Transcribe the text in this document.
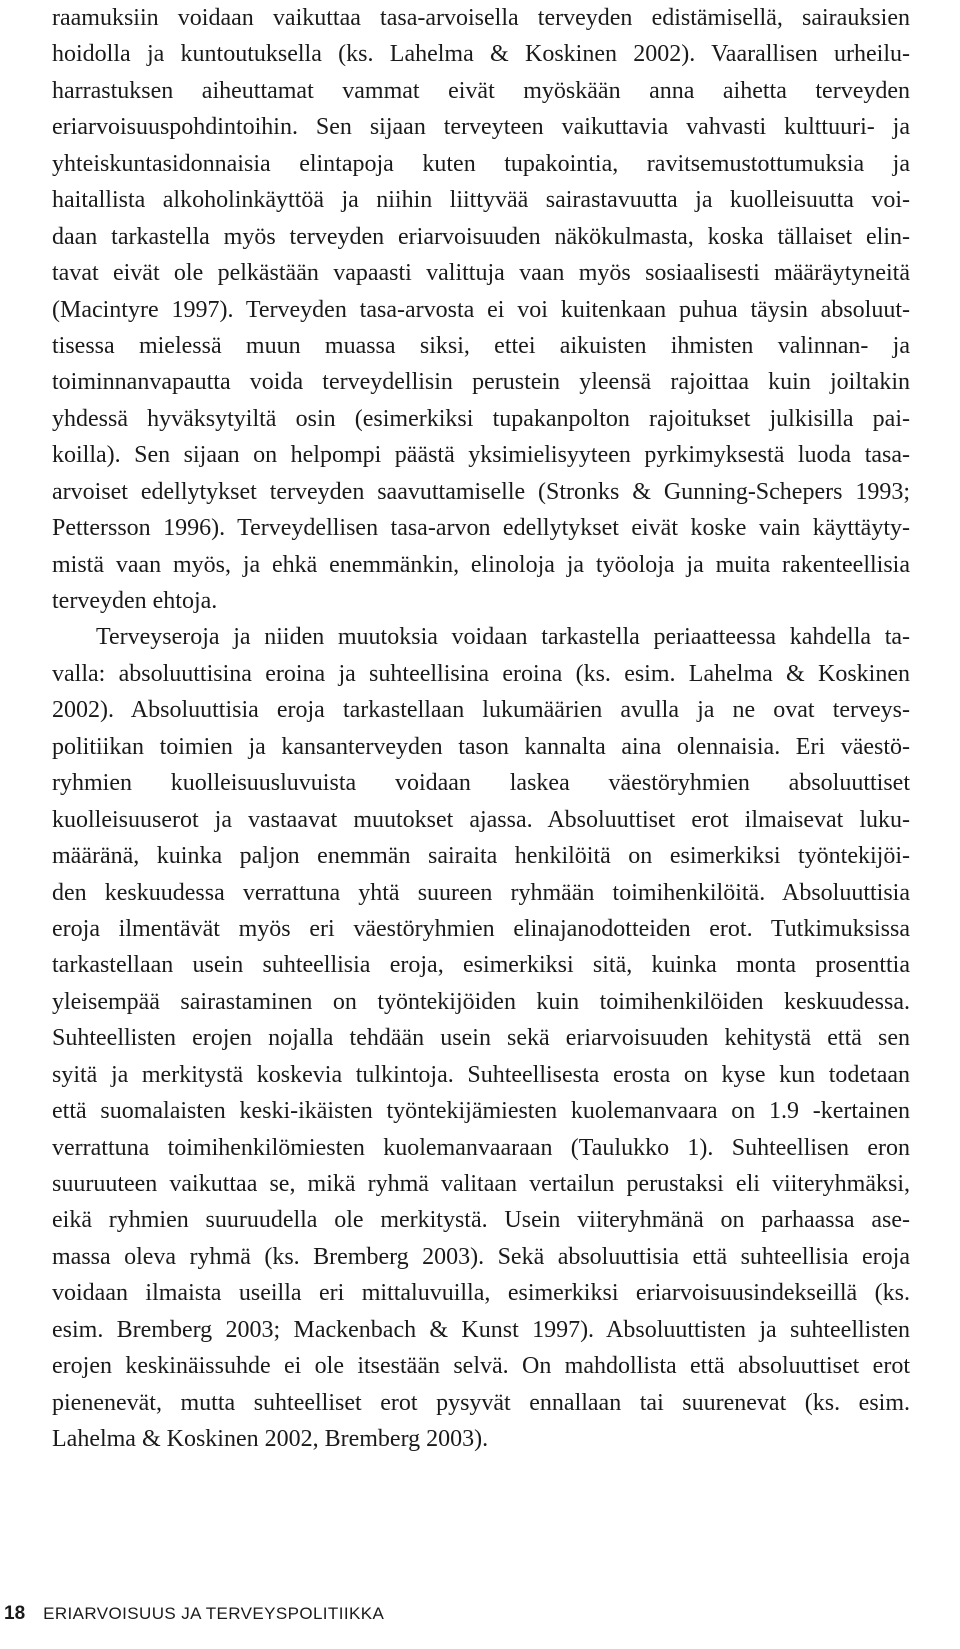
raamuksiin voidaan vaikuttaa tasa-arvoisella terveyden edistämisellä, sairauksien
hoidolla ja kuntoutuksella (ks. Lahelma & Koskinen 2002). Vaarallisen urheilu-
harrastuksen aiheuttamat vammat eivät myöskään anna aihetta terveyden
eriarvoisuuspohdintoihin. Sen sijaan terveyteen vaikuttavia vahvasti kulttuuri- ja
yhteiskuntasidonnaisia elintapoja kuten tupakointia, ravitsemustottumuksia ja
haitallista alkoholinkäyttöä ja niihin liittyvää sairastavuutta ja kuolleisuutta voi-
daan tarkastella myös terveyden eriarvoisuuden näkökulmasta, koska tällaiset elin-
tavat eivät ole pelkästään vapaasti valittuja vaan myös sosiaalisesti määräytyneitä
(Macintyre 1997). Terveyden tasa-arvosta ei voi kuitenkaan puhua täysin absoluut-
tisessa mielessä muun muassa siksi, ettei aikuisten ihmisten valinnan- ja
toiminnanvapautta voida terveydellisin perustein yleensä rajoittaa kuin joiltakin
yhdessä hyväksytyiltä osin (esimerkiksi tupakanpolton rajoitukset julkisilla pai-
koilla). Sen sijaan on helpompi päästä yksimielisyyteen pyrkimyksestä luoda tasa-
arvoiset edellytykset terveyden saavuttamiselle (Stronks & Gunning-Schepers 1993;
Pettersson 1996). Terveydellisen tasa-arvon edellytykset eivät koske vain käyttäyty-
mistä vaan myös, ja ehkä enemmänkin, elinoloja ja työoloja ja muita rakenteellisia
terveyden ehtoja.
Terveyseroja ja niiden muutoksia voidaan tarkastella periaatteessa kahdella ta-
valla: absoluuttisina eroina ja suhteellisina eroina (ks. esim. Lahelma & Koskinen
2002). Absoluuttisia eroja tarkastellaan lukumäärien avulla ja ne ovat terveys-
politiikan toimien ja kansanterveyden tason kannalta aina olennaisia. Eri väestö-
ryhmien kuolleisuusluvuista voidaan laskea väestöryhmien absoluuttiset
kuolleisuuserot ja vastaavat muutokset ajassa. Absoluuttiset erot ilmaisevat luku-
määränä, kuinka paljon enemmän sairaita henkilöitä on esimerkiksi työntekijöi-
den keskuudessa verrattuna yhtä suureen ryhmään toimihenkilöitä. Absoluuttisia
eroja ilmentävät myös eri väestöryhmien elinajanodotteiden erot. Tutkimuksissa
tarkastellaan usein suhteellisia eroja, esimerkiksi sitä, kuinka monta prosenttia
yleisempää sairastaminen on työntekijöiden kuin toimihenkilöiden keskuudessa.
Suhteellisten erojen nojalla tehdään usein sekä eriarvoisuuden kehitystä että sen
syitä ja merkitystä koskevia tulkintoja. Suhteellisesta erosta on kyse kun todetaan
että suomalaisten keski-ikäisten työntekijämiesten kuolemanvaara on 1.9 -kertainen
verrattuna toimihenkilömiesten kuolemanvaaraan (Taulukko 1). Suhteellisen eron
suuruuteen vaikuttaa se, mikä ryhmä valitaan vertailun perustaksi eli viiteryhmäksi,
eikä ryhmien suuruudella ole merkitystä. Usein viiteryhmänä on parhaassa ase-
massa oleva ryhmä (ks. Bremberg 2003). Sekä absoluuttisia että suhteellisia eroja
voidaan ilmaista useilla eri mittaluvuilla, esimerkiksi eriarvoisuusindekseillä (ks.
esim. Bremberg 2003; Mackenbach & Kunst 1997). Absoluuttisten ja suhteellisten
erojen keskinäissuhde ei ole itsestään selvä. On mahdollista että absoluuttiset erot
pienenevät, mutta suhteelliset erot pysyvät ennallaan tai suurenevat (ks. esim.
Lahelma & Koskinen 2002, Bremberg 2003).
18 ERIARVOISUUS JA TERVEYSPOLITIIKKA
